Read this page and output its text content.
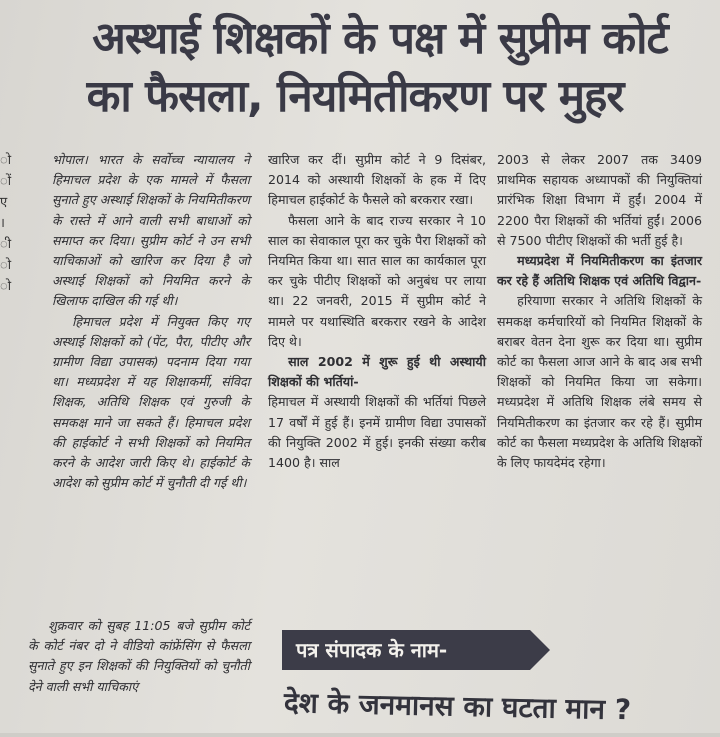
ो
ों
ए
।
ी
ो
ो
अस्थाई शिक्षकों के पक्ष में सुप्रीम कोर्ट
का फैसला, नियमितीकरण पर मुहर

भोपाल। भारत के सर्वोच्च न्यायालय ने हिमाचल प्रदेश के एक मामले में फैसला सुनाते हुए अस्थाई शिक्षकों के नियमितीकरण के रास्ते में आने वाली सभी बाधाओं को समाप्त कर दिया। सुप्रीम कोर्ट ने उन सभी याचिकाओं को खारिज कर दिया है जो अस्थाई शिक्षकों को नियमित करने के खिलाफ दाखिल की गई थी।

हिमाचल प्रदेश में नियुक्त किए गए अस्थाई शिक्षकों को (पेंट, पैरा, पीटीए और ग्रामीण विद्या उपासक) पदनाम दिया गया था। मध्यप्रदेश में यह शिक्षाकर्मी, संविदा शिक्षक, अतिथि शिक्षक एवं गुरुजी के समकक्ष माने जा सकते हैं। हिमाचल प्रदेश की हाईकोर्ट ने सभी शिक्षकों को नियमित करने के आदेश जारी किए थे। हाईकोर्ट के आदेश को सुप्रीम कोर्ट में चुनौती दी गई थी।

शुक्रवार को सुबह 11:05 बजे सुप्रीम कोर्ट के कोर्ट नंबर दो ने वीडियो कांफ्रेंसिंग से फैसला सुनाते हुए इन शिक्षकों की नियुक्तियों को चुनौती देने वाली सभी याचिकाएं

खारिज कर दीं। सुप्रीम कोर्ट ने 9 दिसंबर, 2014 को अस्थायी शिक्षकों के हक में दिए हिमाचल हाईकोर्ट के फैसले को बरकरार रखा।

फैसला आने के बाद राज्य सरकार ने 10 साल का सेवाकाल पूरा कर चुके पैरा शिक्षकों को नियमित किया था। सात साल का कार्यकाल पूरा कर चुके पीटीए शिक्षकों को अनुबंध पर लाया था। 22 जनवरी, 2015 में सुप्रीम कोर्ट ने मामले पर यथास्थिति बरकरार रखने के आदेश दिए थे।

साल 2002 में शुरू हुई थी अस्थायी शिक्षकों की भर्तियां-

हिमाचल में अस्थायी शिक्षकों की भर्तियां पिछले 17 वर्षों में हुई हैं। इनमें ग्रामीण विद्या उपासकों की नियुक्ति 2002 में हुई। इनकी संख्या करीब 1400 है। साल

2003 से लेकर 2007 तक 3409 प्राथमिक सहायक अध्यापकों की नियुक्तियां प्रारंभिक शिक्षा विभाग में हुईं। 2004 में 2200 पैरा शिक्षकों की भर्तियां हुईं। 2006 से 7500 पीटीए शिक्षकों की भर्ती हुई है।

मध्यप्रदेश में नियमितीकरण का इंतजार कर रहे हैं अतिथि शिक्षक एवं अतिथि विद्वान-

हरियाणा सरकार ने अतिथि शिक्षकों के समकक्ष कर्मचारियों को नियमित शिक्षकों के बराबर वेतन देना शुरू कर दिया था। सुप्रीम कोर्ट का फैसला आज आने के बाद अब सभी शिक्षकों को नियमित किया जा सकेगा। मध्यप्रदेश में अतिथि शिक्षक लंबे समय से नियमितीकरण का इंतजार कर रहे हैं। सुप्रीम कोर्ट का फैसला मध्यप्रदेश के अतिथि शिक्षकों के लिए फायदेमंद रहेगा।

पत्र संपादक के नाम-
देश के जनमानस का घटता मान ?
